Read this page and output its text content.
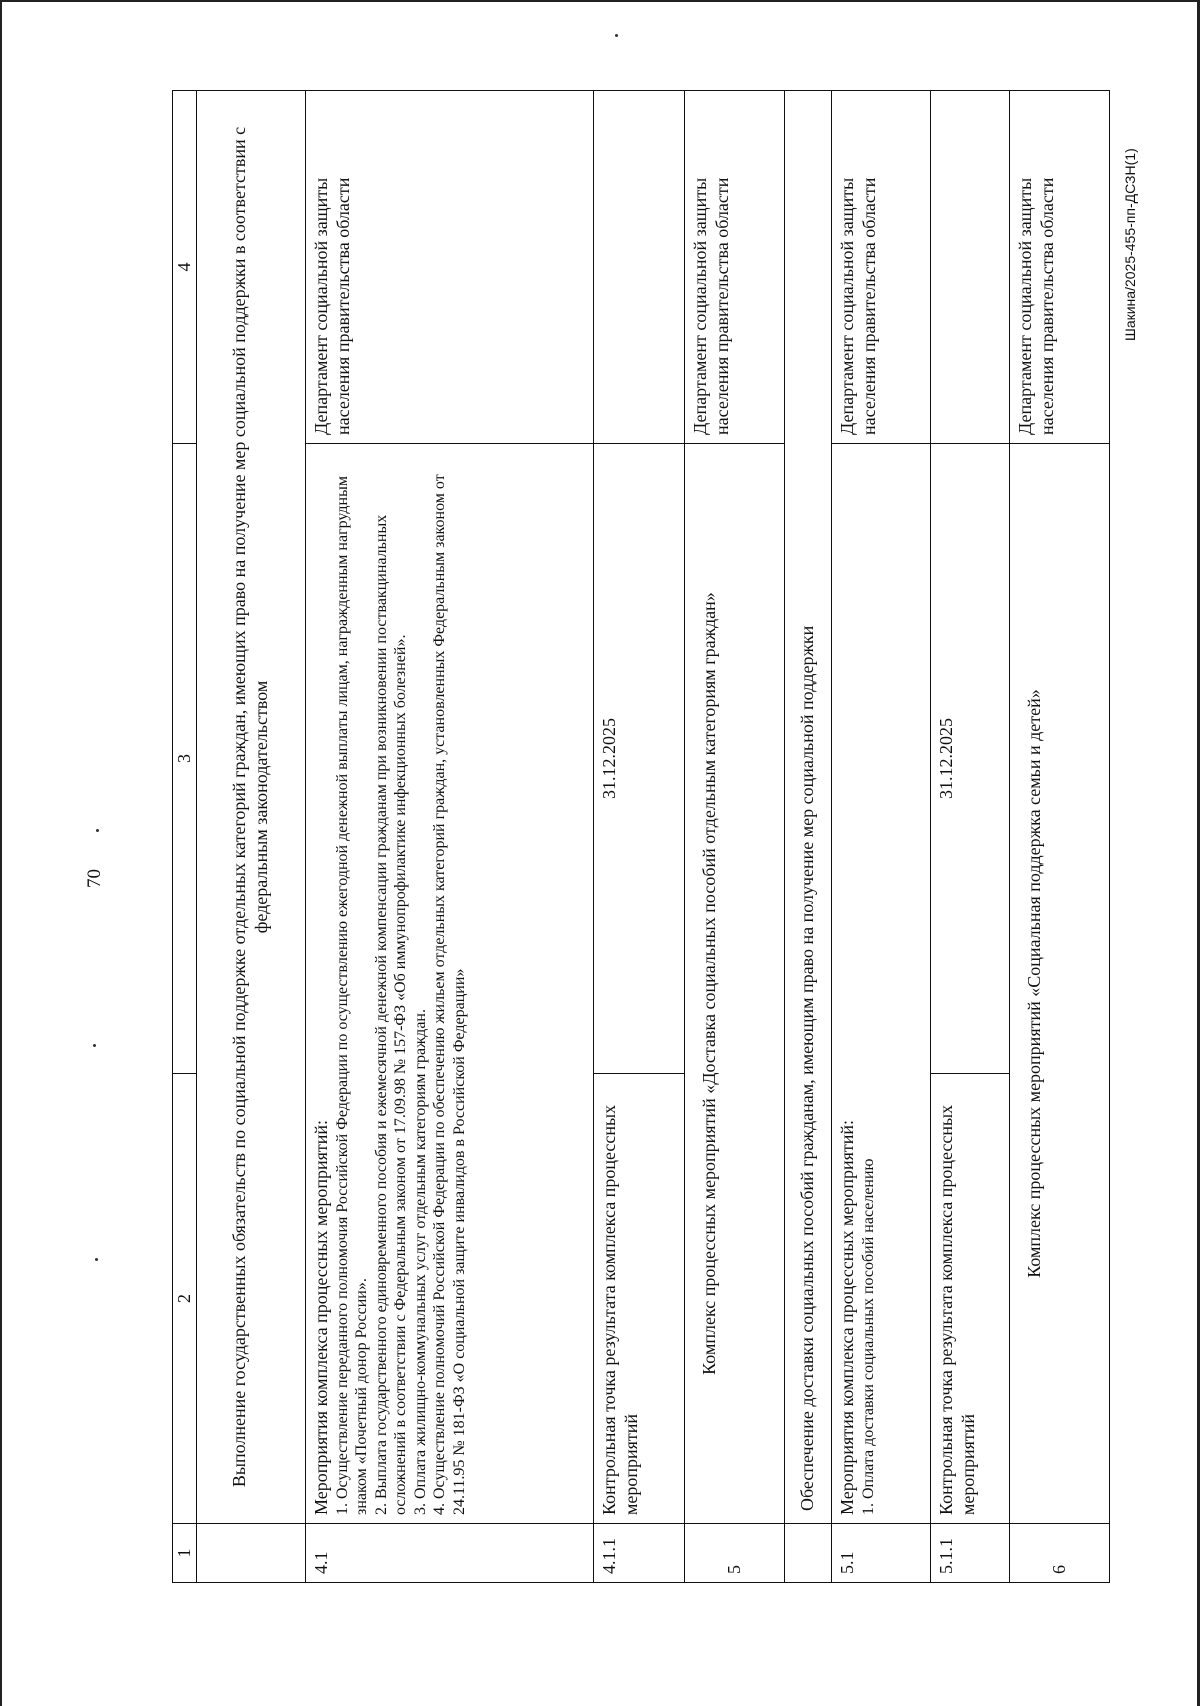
70
1	2	3	4
	Выполнение государственных обязательств по социальной поддержке отдельных категорий граждан, имеющих право на получение мер социальной поддержки в соответствии с федеральным законодательством		
4.1	Мероприятия комплекса процессных мероприятий: 1. Осуществление переданного полномочия Российской Федерации по осуществлению ежегодной денежной выплаты лицам, награжденным нагрудным знаком «Почетный донор России». 2. Выплата государственного единовременного пособия и ежемесячной денежной компенсации гражданам при возникновении поствакцинальных осложнений в соответствии с Федеральным законом от 17.09.98 № 157-ФЗ «Об иммунопрофилактике инфекционных болезней». 3. Оплата жилищно-коммунальных услуг отдельным категориям граждан. 4. Осуществление полномочий Российской Федерации по обеспечению жильем отдельных категорий граждан, установленных Федеральным законом от 24.11.95 № 181-ФЗ «О социальной защите инвалидов в Российской Федерации»		Департамент социальной защиты населения правительства области
4.1.1	Контрольная точка результата комплекса процессных мероприятий	31.12.2025	
5	Комплекс процессных мероприятий «Доставка социальных пособий отдельным категориям граждан»		Департамент социальной защиты населения правительства области
	Обеспечение доставки социальных пособий гражданам, имеющим право на получение мер социальной поддержки		
5.1	Мероприятия комплекса процессных мероприятий: 1. Оплата доставки социальных пособий населению		Департамент социальной защиты населения правительства области
5.1.1	Контрольная точка результата комплекса процессных мероприятий	31.12.2025	
6	Комплекс процессных мероприятий «Социальная поддержка семьи и детей»		Департамент социальной защиты населения правительства области	Шакина/2025-455-пп-ДСЗН(1)
